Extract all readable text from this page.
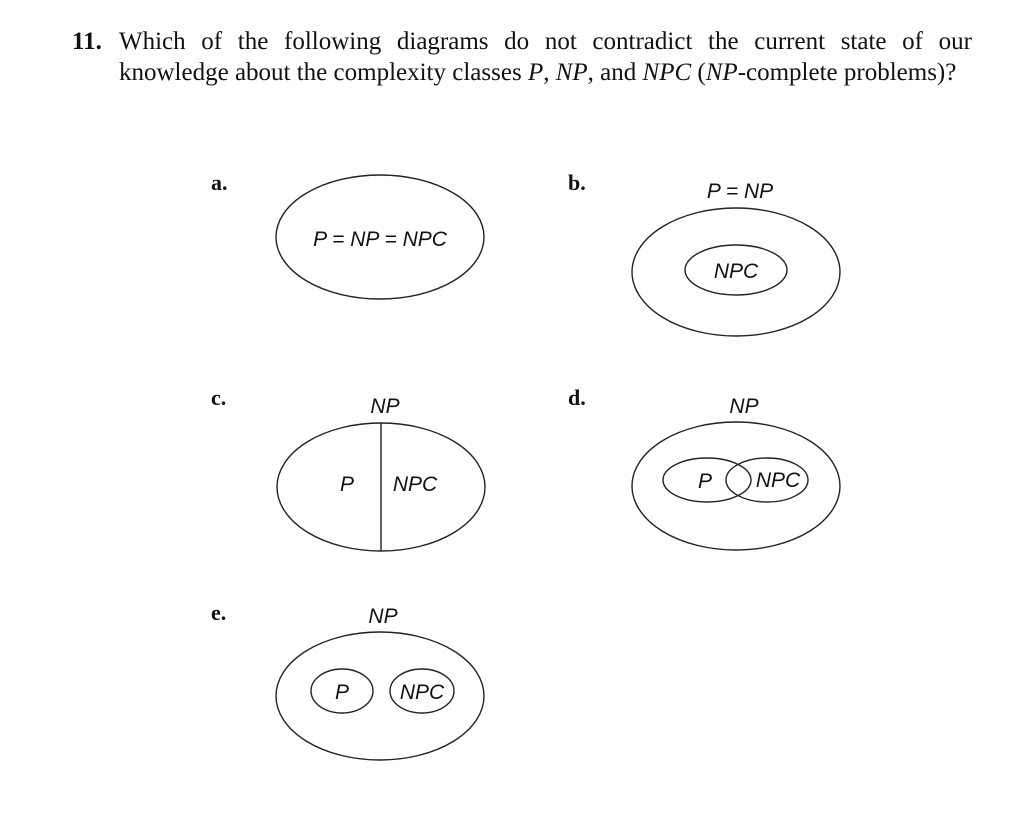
11. Which of the following diagrams do not contradict the current state of our knowledge about the complexity classes P, NP, and NPC (NP-complete problems)?
a.	b.
c.	d.
e.
P = NP = NPC
P = NP
NPC
NP
P NPC
NP
P NPC
NP
P NPC
